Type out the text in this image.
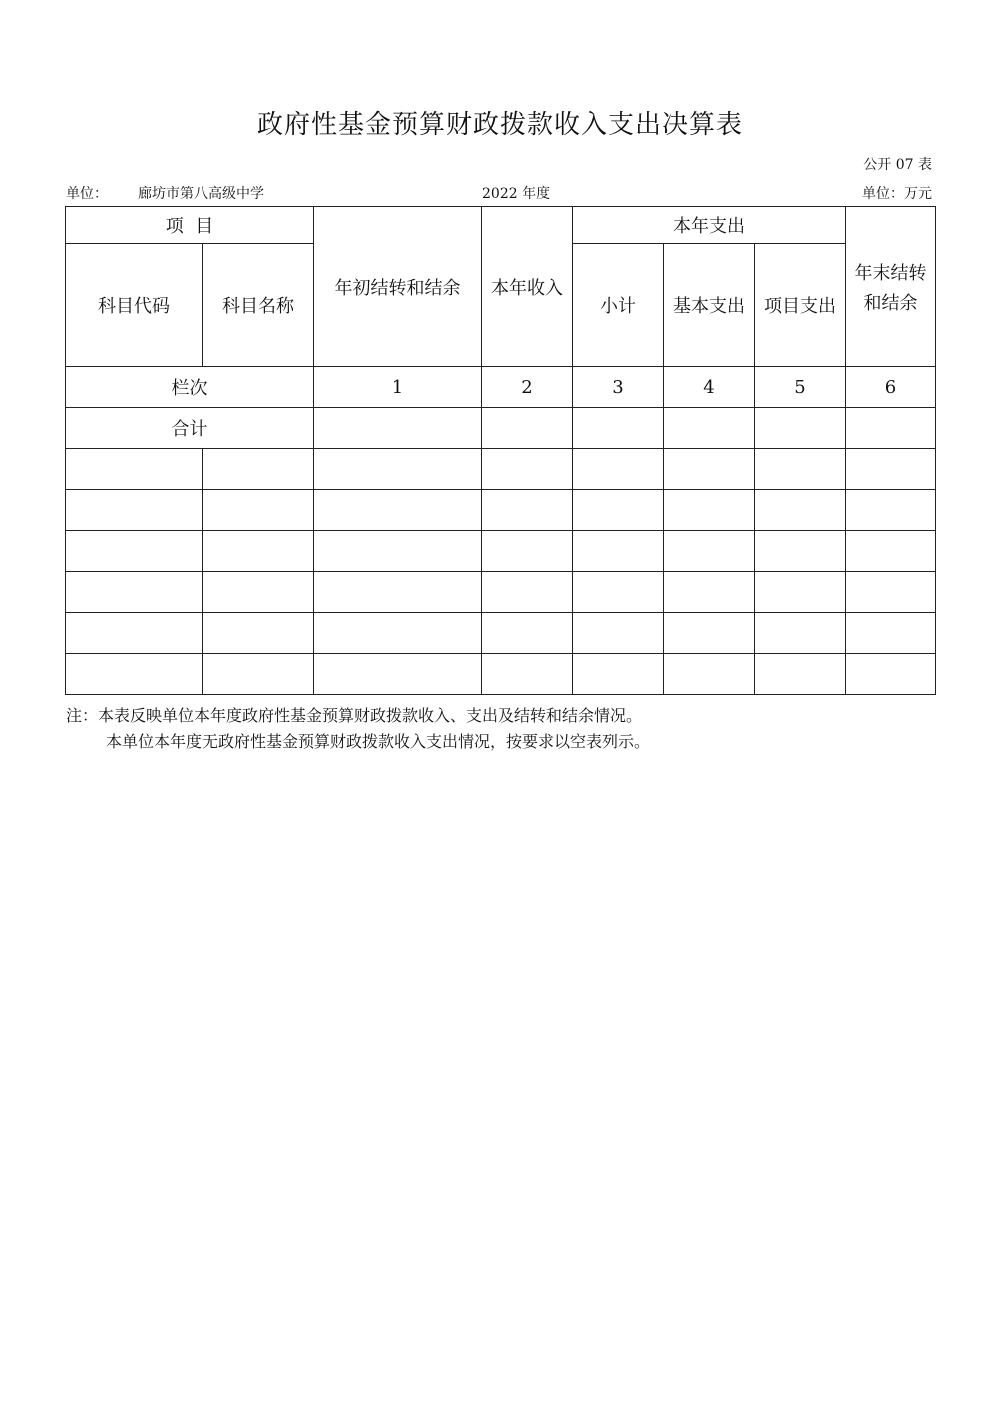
政府性基金预算财政拨款收入支出决算表
公开 07 表
单位： 廊坊市第八高级中学	2022 年度	单位：万元
项  目		年初结转和结余	本年收入	本年支出			年末结转
和结余

科目代码	科目名称			小计	基本支出	项目支出	
栏次		1	2	3	4	5	6
合计							

注：本表反映单位本年度政府性基金预算财政拨款收入、支出及结转和结余情况。
本单位本年度无政府性基金预算财政拨款收入支出情况，按要求以空表列示。
